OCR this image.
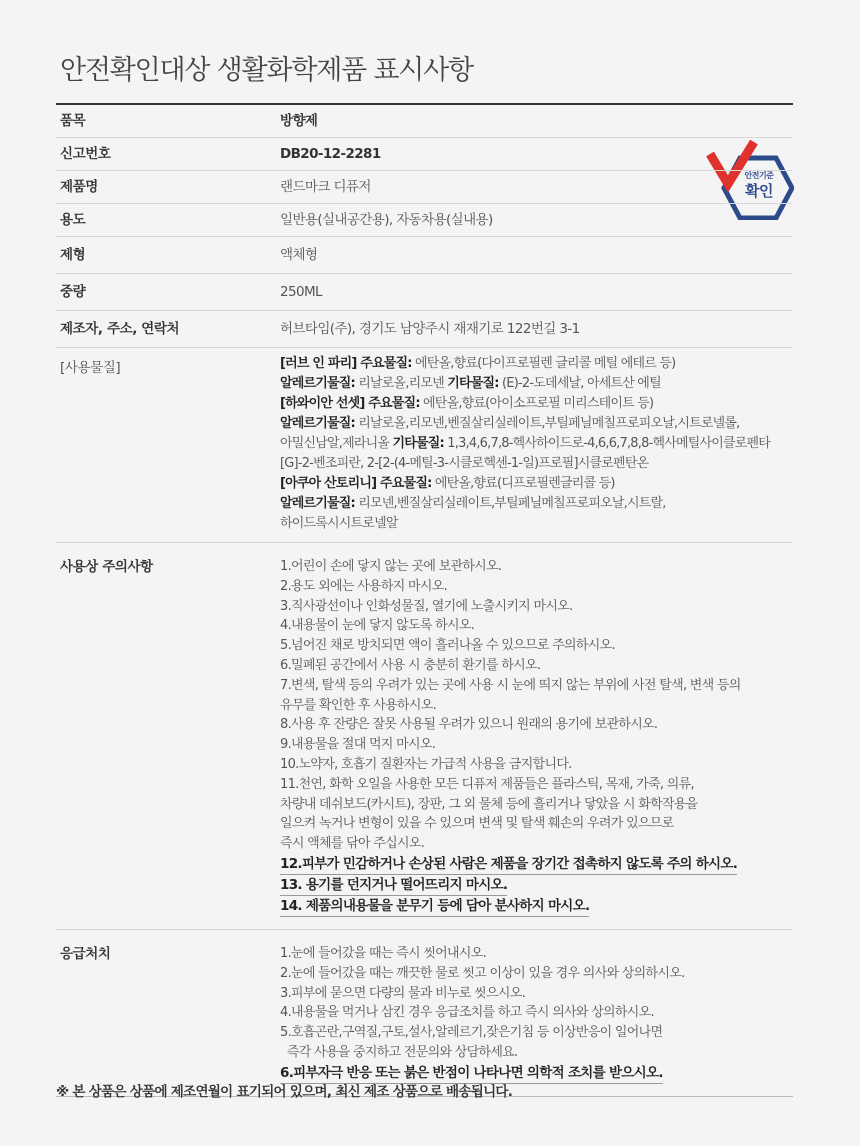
안전확인대상 생활화학제품 표시사항
안전기준
확인
품목	방향제
신고번호	DB20-12-2281
제품명	랜드마크 디퓨저
용도	일반용(실내공간용), 자동차용(실내용)
제형	액체형
중량	250ML
제조자, 주소, 연락처	허브타임(주), 경기도 남양주시 재재기로 122번길 3-1
[사용물질]	[러브 인 파리] 주요물질: 에탄올,향료(다이프로필렌 글리콜 메틸 에테르 등)
알레르기물질: 리날로올,리모넨 기타물질: (E)-2-도데세날, 아세트산 에틸
[하와이안 선셋] 주요물질: 에탄올,향료(아이소프로필 미리스테이트 등)
알레르기물질: 리날로올,리모넨,벤질살리실레이트,부틸페닐메칠프로피오날,시트로넬롤,
아밀신남알,제라니올 기타물질: 1,3,4,6,7,8-헥사하이드로-4,6,6,7,8,8-헥사메틸사이클로펜타
[G]-2-벤조피란, 2-[2-(4-메틸-3-시클로헥센-1-일)프로필]시클로펜탄온
[아쿠아 산토리니] 주요물질: 에탄올,향료(디프로필렌글리콜 등)
알레르기물질: 리모넨,벤질살리실레이트,부틸페닐메칠프로피오날,시트랄,
하이드록시시트로넬알
사용상 주의사항	1.어린이 손에 닿지 않는 곳에 보관하시오.
2.용도 외에는 사용하지 마시오.
3.직사광선이나 인화성물질, 열기에 노출시키지 마시오.
4.내용물이 눈에 닿지 않도록 하시오.
5.넘어진 채로 방치되면 액이 흘러나올 수 있으므로 주의하시오.
6.밀폐된 공간에서 사용 시 충분히 환기를 하시오.
7.변색, 탈색 등의 우려가 있는 곳에 사용 시 눈에 띄지 않는 부위에 사전 탈색, 변색 등의
유무를 확인한 후 사용하시오.
8.사용 후 잔량은 잘못 사용될 우려가 있으니 원래의 용기에 보관하시오.
9.내용물을 절대 먹지 마시오.
10.노약자, 호흡기 질환자는 가급적 사용을 금지합니다.
11.천연, 화학 오일을 사용한 모든 디퓨저 제품들은 플라스틱, 목재, 가죽, 의류,
차량내 데쉬보드(카시트), 장판, 그 외 물체 등에 흘리거나 닿았을 시 화학작용을
일으켜 녹거나 변형이 있을 수 있으며 변색 및 탈색 훼손의 우려가 있으므로
즉시 액체를 닦아 주십시오.
12.피부가 민감하거나 손상된 사람은 제품을 장기간 접촉하지 않도록 주의 하시오.
13. 용기를 던지거나 떨어뜨리지 마시오.
14. 제품의내용물을 분무기 등에 담아 분사하지 마시오.
응급처치	1.눈에 들어갔을 때는 즉시 씻어내시오.
2.눈에 들어갔을 때는 깨끗한 물로 씻고 이상이 있을 경우 의사와 상의하시오.
3.피부에 묻으면 다량의 물과 비누로 씻으시오.
4.내용물을 먹거나 삼킨 경우 응급조치를 하고 즉시 의사와 상의하시오.
5.호흡곤란,구역질,구토,설사,알레르기,잦은기침 등 이상반응이 일어나면
즉각 사용을 중지하고 전문의와 상담하세요.
6.피부자극 반응 또는 붉은 반점이 나타나면 의학적 조치를 받으시오.
※ 본 상품은 상품에 제조연월이 표기되어 있으며, 최신 제조 상품으로 배송됩니다.
